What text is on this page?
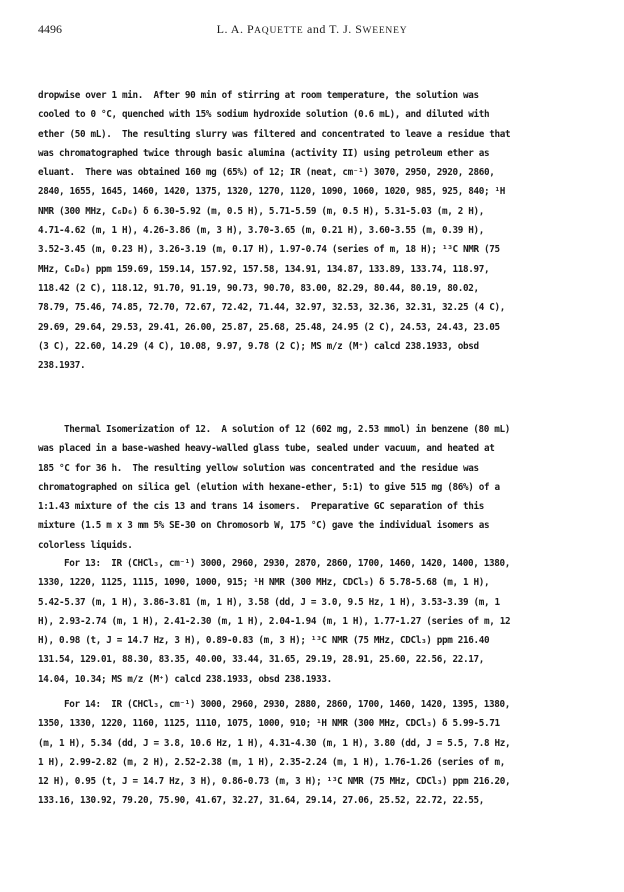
4496	L. A. PAQUETTE and T. J. SWEENEY
dropwise over 1 min.  After 90 min of stirring at room temperature, the solution was
cooled to 0 °C, quenched with 15% sodium hydroxide solution (0.6 mL), and diluted with
ether (50 mL).  The resulting slurry was filtered and concentrated to leave a residue that
was chromatographed twice through basic alumina (activity II) using petroleum ether as
eluant.  There was obtained 160 mg (65%) of 12; IR (neat, cm⁻¹) 3070, 2950, 2920, 2860,
2840, 1655, 1645, 1460, 1420, 1375, 1320, 1270, 1120, 1090, 1060, 1020, 985, 925, 840; ¹H
NMR (300 MHz, C₆D₆) δ 6.30-5.92 (m, 0.5 H), 5.71-5.59 (m, 0.5 H), 5.31-5.03 (m, 2 H),
4.71-4.62 (m, 1 H), 4.26-3.86 (m, 3 H), 3.70-3.65 (m, 0.21 H), 3.60-3.55 (m, 0.39 H),
3.52-3.45 (m, 0.23 H), 3.26-3.19 (m, 0.17 H), 1.97-0.74 (series of m, 18 H); ¹³C NMR (75
MHz, C₆D₆) ppm 159.69, 159.14, 157.92, 157.58, 134.91, 134.87, 133.89, 133.74, 118.97,
118.42 (2 C), 118.12, 91.70, 91.19, 90.73, 90.70, 83.00, 82.29, 80.44, 80.19, 80.02,
78.79, 75.46, 74.85, 72.70, 72.67, 72.42, 71.44, 32.97, 32.53, 32.36, 32.31, 32.25 (4 C),
29.69, 29.64, 29.53, 29.41, 26.00, 25.87, 25.68, 25.48, 24.95 (2 C), 24.53, 24.43, 23.05
(3 C), 22.60, 14.29 (4 C), 10.08, 9.97, 9.78 (2 C); MS m/z (M⁺) calcd 238.1933, obsd
238.1937.
Thermal Isomerization of 12.  A solution of 12 (602 mg, 2.53 mmol) in benzene (80 mL)
was placed in a base-washed heavy-walled glass tube, sealed under vacuum, and heated at
185 °C for 36 h.  The resulting yellow solution was concentrated and the residue was
chromatographed on silica gel (elution with hexane-ether, 5:1) to give 515 mg (86%) of a
1:1.43 mixture of the cis 13 and trans 14 isomers.  Preparative GC separation of this
mixture (1.5 m x 3 mm 5% SE-30 on Chromosorb W, 175 °C) gave the individual isomers as
colorless liquids.
For 13:  IR (CHCl₃, cm⁻¹) 3000, 2960, 2930, 2870, 2860, 1700, 1460, 1420, 1400, 1380,
1330, 1220, 1125, 1115, 1090, 1000, 915; ¹H NMR (300 MHz, CDCl₃) δ 5.78-5.68 (m, 1 H),
5.42-5.37 (m, 1 H), 3.86-3.81 (m, 1 H), 3.58 (dd, J = 3.0, 9.5 Hz, 1 H), 3.53-3.39 (m, 1
H), 2.93-2.74 (m, 1 H), 2.41-2.30 (m, 1 H), 2.04-1.94 (m, 1 H), 1.77-1.27 (series of m, 12
H), 0.98 (t, J = 14.7 Hz, 3 H), 0.89-0.83 (m, 3 H); ¹³C NMR (75 MHz, CDCl₃) ppm 216.40
131.54, 129.01, 88.30, 83.35, 40.00, 33.44, 31.65, 29.19, 28.91, 25.60, 22.56, 22.17,
14.04, 10.34; MS m/z (M⁺) calcd 238.1933, obsd 238.1933.
For 14:  IR (CHCl₃, cm⁻¹) 3000, 2960, 2930, 2880, 2860, 1700, 1460, 1420, 1395, 1380,
1350, 1330, 1220, 1160, 1125, 1110, 1075, 1000, 910; ¹H NMR (300 MHz, CDCl₃) δ 5.99-5.71
(m, 1 H), 5.34 (dd, J = 3.8, 10.6 Hz, 1 H), 4.31-4.30 (m, 1 H), 3.80 (dd, J = 5.5, 7.8 Hz,
1 H), 2.99-2.82 (m, 2 H), 2.52-2.38 (m, 1 H), 2.35-2.24 (m, 1 H), 1.76-1.26 (series of m,
12 H), 0.95 (t, J = 14.7 Hz, 3 H), 0.86-0.73 (m, 3 H); ¹³C NMR (75 MHz, CDCl₃) ppm 216.20,
133.16, 130.92, 79.20, 75.90, 41.67, 32.27, 31.64, 29.14, 27.06, 25.52, 22.72, 22.55,
